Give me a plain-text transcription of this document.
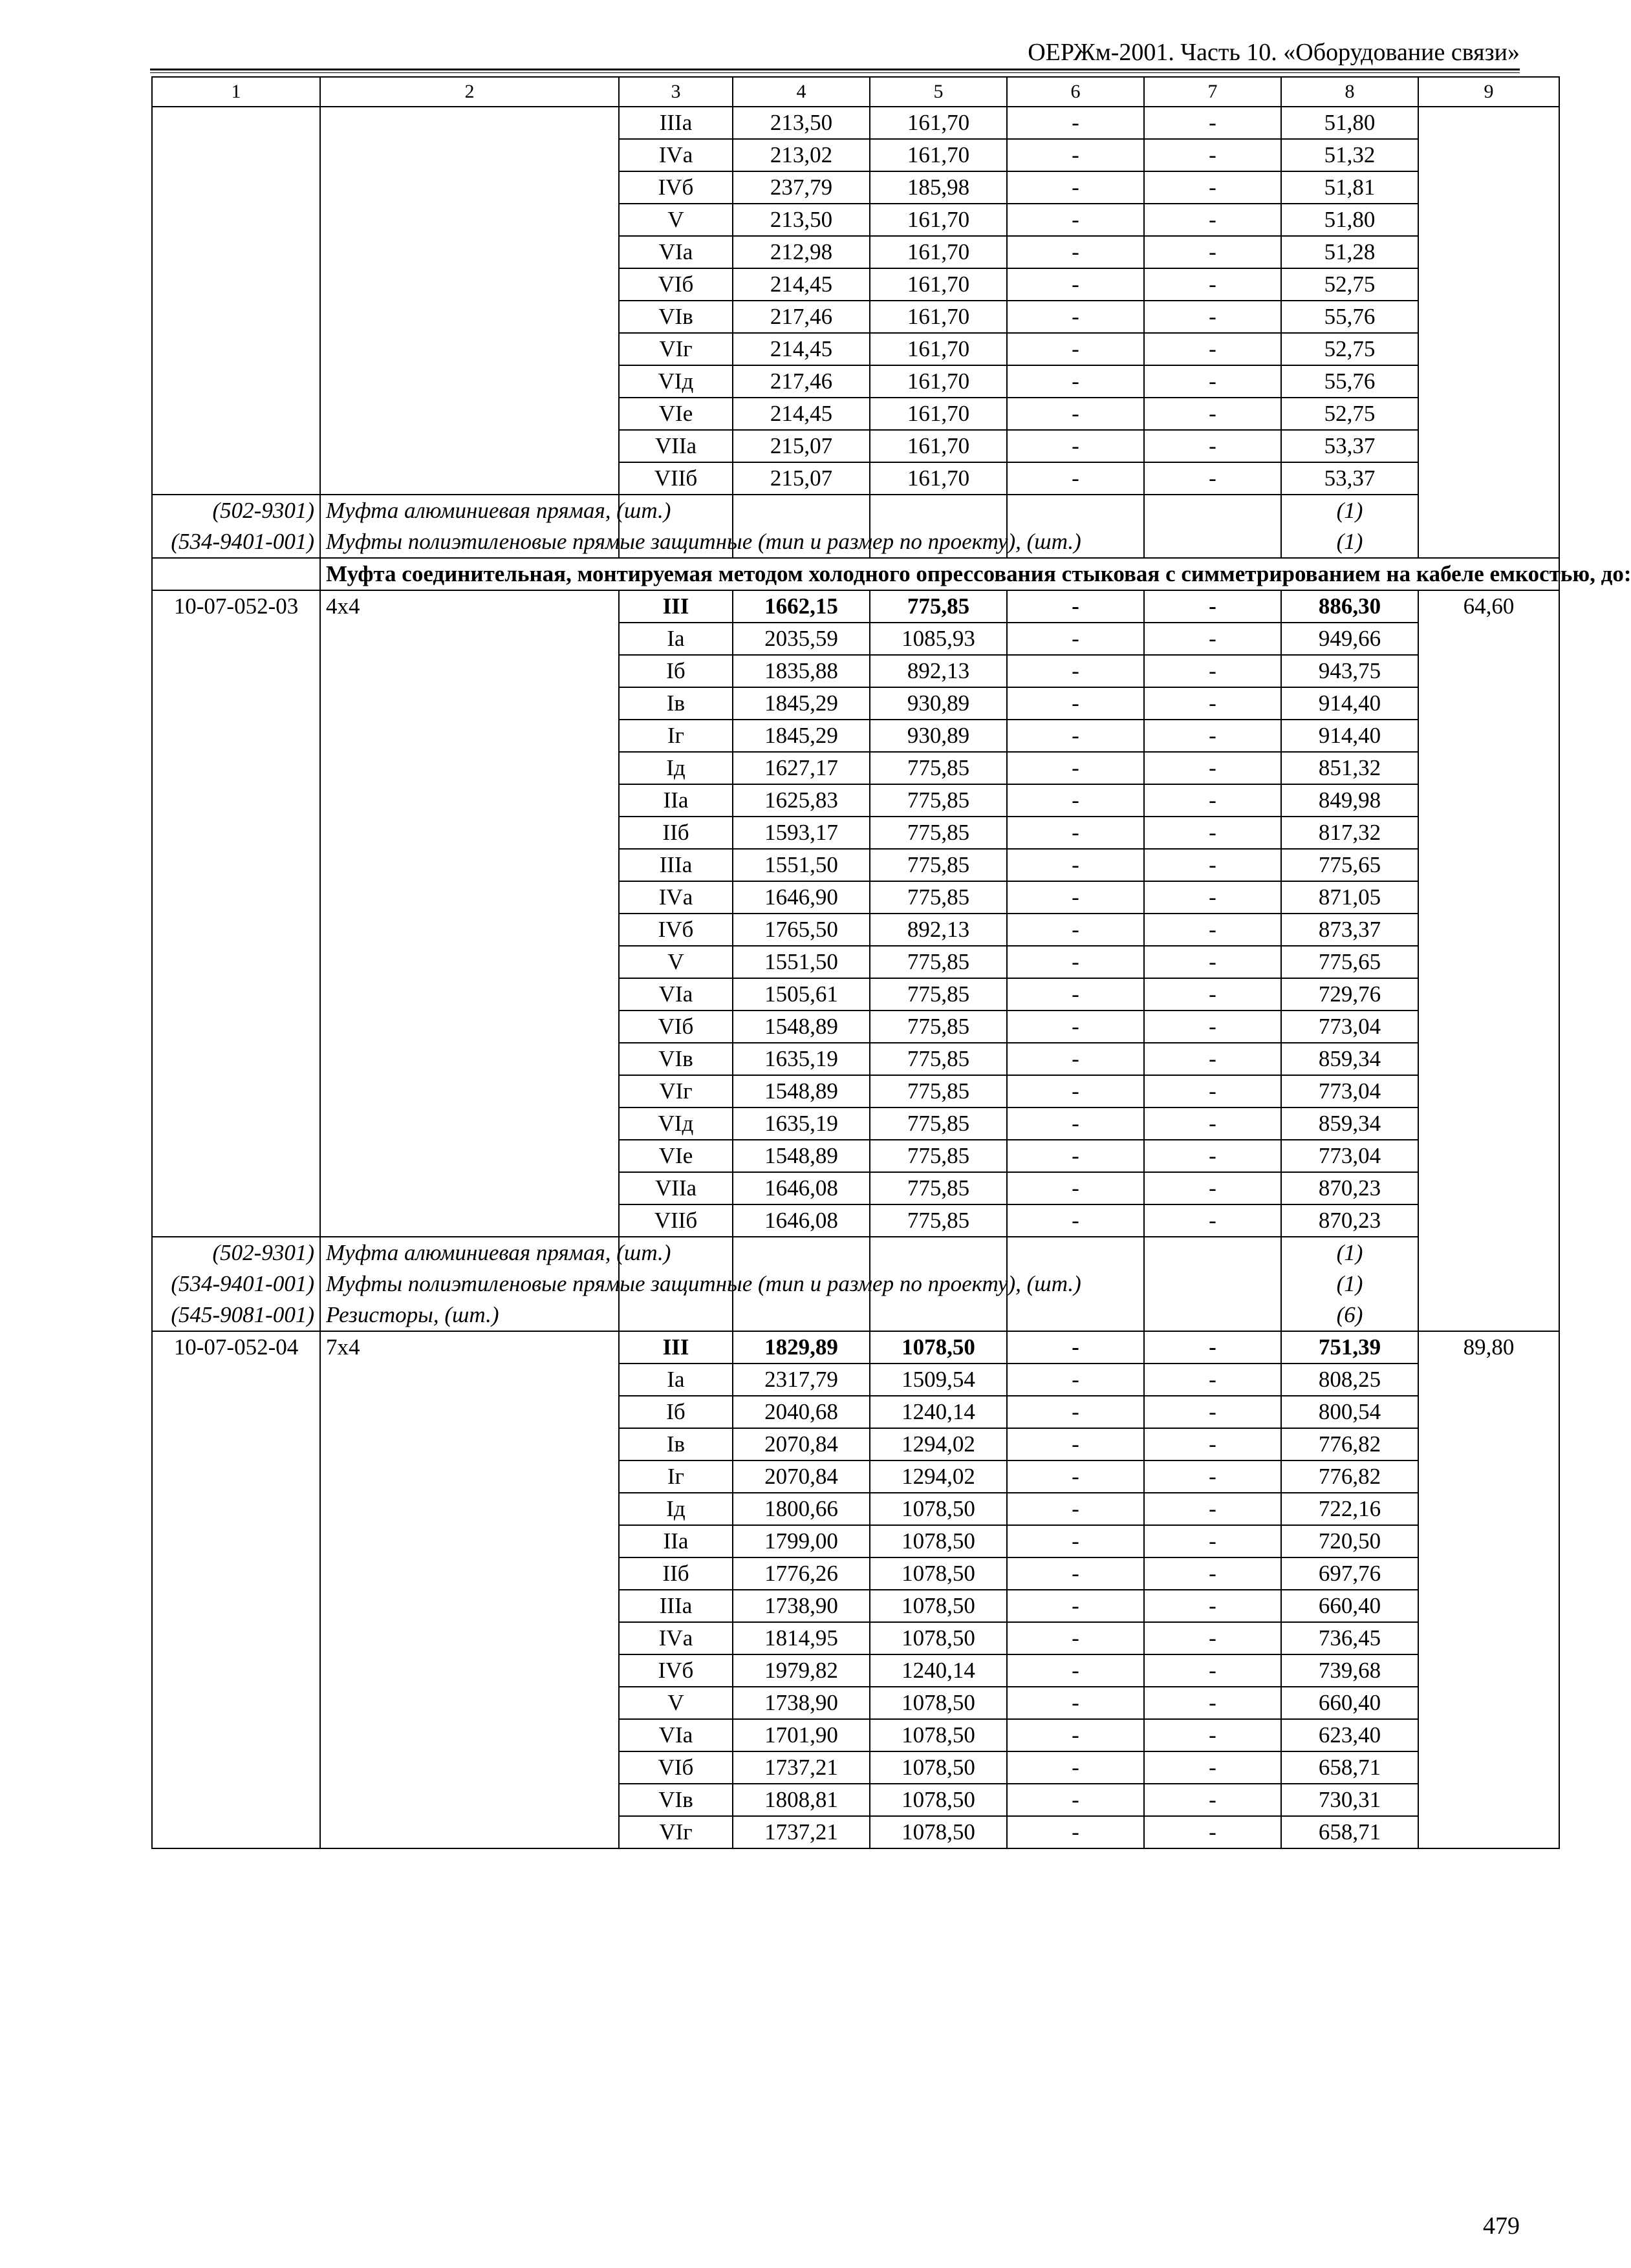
ОЕРЖм-2001. Часть 10. «Оборудование связи»
1	2	3	4	5	6	7	8	9
		IIIа	213,50	161,70	-	-	51,80	
		IVа	213,02	161,70	-	-	51,32	
		IVб	237,79	185,98	-	-	51,81	
		V	213,50	161,70	-	-	51,80	
		VIа	212,98	161,70	-	-	51,28	
		VIб	214,45	161,70	-	-	52,75	
		VIв	217,46	161,70	-	-	55,76	
		VIг	214,45	161,70	-	-	52,75	
		VIд	217,46	161,70	-	-	55,76	
		VIе	214,45	161,70	-	-	52,75	
		VIIа	215,07	161,70	-	-	53,37	
		VIIб	215,07	161,70	-	-	53,37	
(502-9301)	Муфта алюминиевая прямая, (шт.)						(1)	
(534-9401-001)	Муфты полиэтиленовые прямые защитные (тип и размер по проекту), (шт.)						(1)	
	Муфта соединительная, монтируемая методом холодного опрессования стыковая с симметрированием на кабеле емкостью, до:							
10-07-052-03	4x4	III	1662,15	775,85	-	-	886,30	64,60
		Iа	2035,59	1085,93	-	-	949,66	
		Iб	1835,88	892,13	-	-	943,75	
		Iв	1845,29	930,89	-	-	914,40	
		Iг	1845,29	930,89	-	-	914,40	
		Iд	1627,17	775,85	-	-	851,32	
		IIа	1625,83	775,85	-	-	849,98	
		IIб	1593,17	775,85	-	-	817,32	
		IIIа	1551,50	775,85	-	-	775,65	
		IVа	1646,90	775,85	-	-	871,05	
		IVб	1765,50	892,13	-	-	873,37	
		V	1551,50	775,85	-	-	775,65	
		VIа	1505,61	775,85	-	-	729,76	
		VIб	1548,89	775,85	-	-	773,04	
		VIв	1635,19	775,85	-	-	859,34	
		VIг	1548,89	775,85	-	-	773,04	
		VIд	1635,19	775,85	-	-	859,34	
		VIе	1548,89	775,85	-	-	773,04	
		VIIа	1646,08	775,85	-	-	870,23	
		VIIб	1646,08	775,85	-	-	870,23	
(502-9301)	Муфта алюминиевая прямая, (шт.)						(1)	
(534-9401-001)	Муфты полиэтиленовые прямые защитные (тип и размер по проекту), (шт.)						(1)	
(545-9081-001)	Резисторы, (шт.)						(6)	
10-07-052-04	7x4	III	1829,89	1078,50	-	-	751,39	89,80
		Iа	2317,79	1509,54	-	-	808,25	
		Iб	2040,68	1240,14	-	-	800,54	
		Iв	2070,84	1294,02	-	-	776,82	
		Iг	2070,84	1294,02	-	-	776,82	
		Iд	1800,66	1078,50	-	-	722,16	
		IIа	1799,00	1078,50	-	-	720,50	
		IIб	1776,26	1078,50	-	-	697,76	
		IIIа	1738,90	1078,50	-	-	660,40	
		IVа	1814,95	1078,50	-	-	736,45	
		IVб	1979,82	1240,14	-	-	739,68	
		V	1738,90	1078,50	-	-	660,40	
		VIа	1701,90	1078,50	-	-	623,40	
		VIб	1737,21	1078,50	-	-	658,71	
		VIв	1808,81	1078,50	-	-	730,31	
		VIг	1737,21	1078,50	-	-	658,71	
479
